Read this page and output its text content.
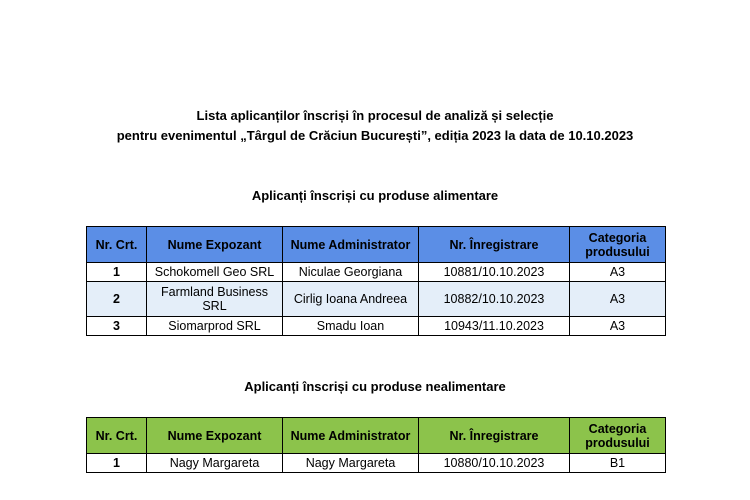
Lista aplicanților înscriși în procesul de analiză și selecție
pentru evenimentul „Târgul de Crăciun București”, ediția 2023 la data de 10.10.2023
Aplicanți înscriși cu produse alimentare
Nr. Crt.	Nume Expozant	Nume Administrator	Nr. Înregistrare	Categoria produsului
1	Schokomell Geo SRL	Niculae Georgiana	10881/10.10.2023	A3
2	Farmland Business SRL	Cirlig Ioana Andreea	10882/10.10.2023	A3
3	Siomarprod SRL	Smadu Ioan	10943/11.10.2023	A3
Aplicanți înscriși cu produse nealimentare
Nr. Crt.	Nume Expozant	Nume Administrator	Nr. Înregistrare	Categoria produsului
1	Nagy Margareta	Nagy Margareta	10880/10.10.2023	B1
